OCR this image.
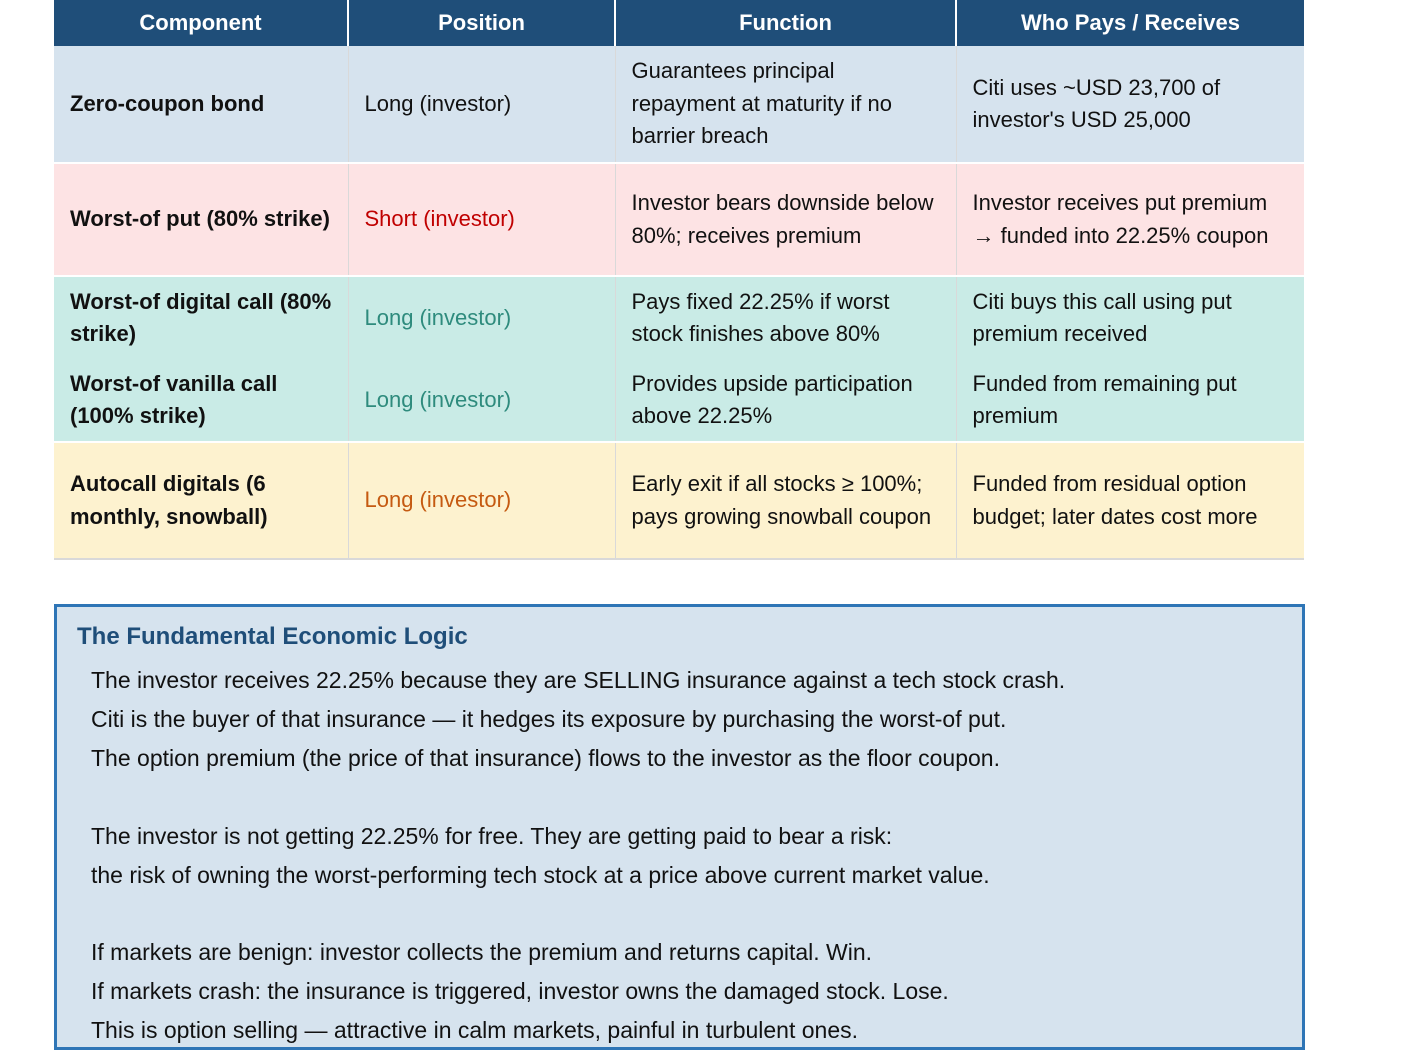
Component	Position	Function	Who Pays / Receives
Zero-coupon bond	Long (investor)	Guarantees principal repayment at maturity if no barrier breach	Citi uses ~USD 23,700 of investor's USD 25,000
Worst-of put (80% strike)	Short (investor)	Investor bears downside below 80%; receives premium	Investor receives put premium → funded into 22.25% coupon
Worst-of digital call (80% strike)	Long (investor)	Pays fixed 22.25% if worst stock finishes above 80%	Citi buys this call using put premium received
Worst-of vanilla call (100% strike)	Long (investor)	Provides upside participation above 22.25%	Funded from remaining put premium
Autocall digitals (6 monthly, snowball)	Long (investor)	Early exit if all stocks ≥ 100%; pays growing snowball coupon	Funded from residual option budget; later dates cost more
The Fundamental Economic Logic
The investor receives 22.25% because they are SELLING insurance against a tech stock crash.
Citi is the buyer of that insurance — it hedges its exposure by purchasing the worst-of put.
The option premium (the price of that insurance) flows to the investor as the floor coupon.
The investor is not getting 22.25% for free. They are getting paid to bear a risk:
the risk of owning the worst-performing tech stock at a price above current market value.
If markets are benign: investor collects the premium and returns capital. Win.
If markets crash: the insurance is triggered, investor owns the damaged stock. Lose.
This is option selling — attractive in calm markets, painful in turbulent ones.
